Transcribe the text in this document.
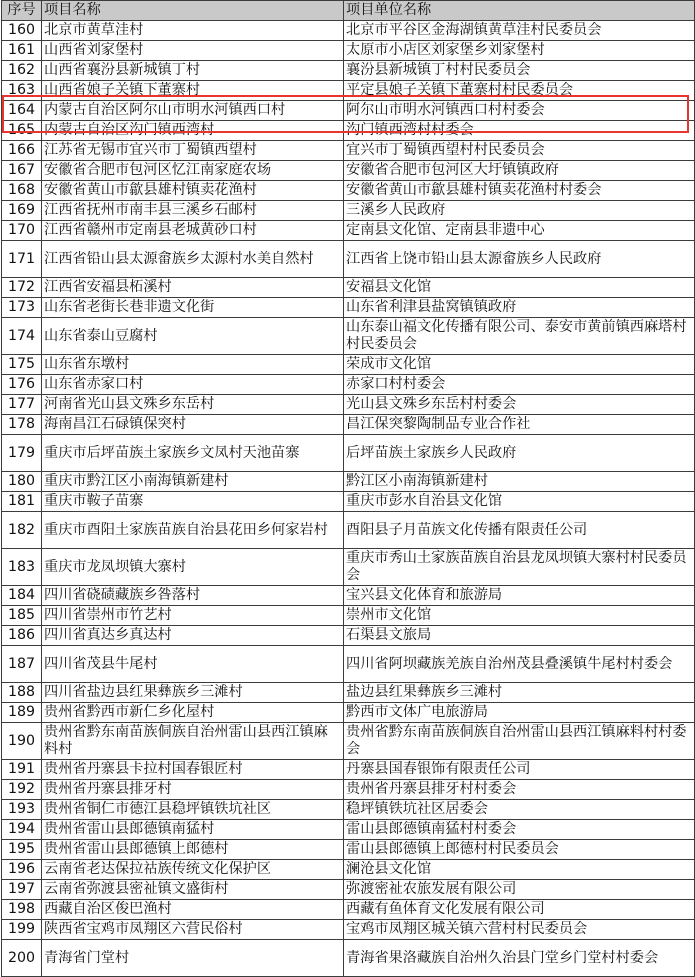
序号	项目名称	项目单位名称
160	北京市黄草洼村	北京市平谷区金海湖镇黄草洼村民委员会
161	山西省刘家堡村	太原市小店区刘家堡乡刘家堡村
162	山西省襄汾县新城镇丁村	襄汾县新城镇丁村村民委员会
163	山西省娘子关镇下董寨村	平定县娘子关镇下董寨村村民委员会
164	内蒙古自治区阿尔山市明水河镇西口村	阿尔山市明水河镇西口村村委会
165	内蒙古自治区沟门镇西湾村	沟门镇西湾村村委会
166	江苏省无锡市宜兴市丁蜀镇西望村	宜兴市丁蜀镇西望村村民委员会
167	安徽省合肥市包河区忆江南家庭农场	安徽省合肥市包河区大圩镇镇政府
168	安徽省黄山市歙县雄村镇卖花渔村	安徽省黄山市歙县雄村镇卖花渔村村委会
169	江西省抚州市南丰县三溪乡石邮村	三溪乡人民政府
170	江西省赣州市定南县老城黄砂口村	定南县文化馆、定南县非遗中心
171	江西省铅山县太源畲族乡太源村水美自然村	江西省上饶市铅山县太源畲族乡人民政府
172	江西省安福县柘溪村	安福县文化馆
173	山东省老街长巷非遗文化街	山东省利津县盐窝镇镇政府
174	山东省泰山豆腐村	山东泰山福文化传播有限公司、泰安市黄前镇西麻塔村村民委员会
175	山东省东墩村	荣成市文化馆
176	山东省赤家口村	赤家口村村委会
177	河南省光山县文殊乡东岳村	光山县文殊乡东岳村村委会
178	海南昌江石碌镇保突村	昌江保突黎陶制品专业合作社
179	重庆市后坪苗族土家族乡文凤村天池苗寨	后坪苗族土家族乡人民政府
180	重庆市黔江区小南海镇新建村	黔江区小南海镇新建村
181	重庆市鞍子苗寨	重庆市彭水自治县文化馆
182	重庆市酉阳土家族苗族自治县花田乡何家岩村	酉阳县子月苗族文化传播有限责任公司
183	重庆市龙凤坝镇大寨村	重庆市秀山土家族苗族自治县龙凤坝镇大寨村村民委员会
184	四川省硗碛藏族乡咎落村	宝兴县文化体育和旅游局
185	四川省崇州市竹艺村	崇州市文化馆
186	四川省真达乡真达村	石渠县文旅局
187	四川省茂县牛尾村	四川省阿坝藏族羌族自治州茂县叠溪镇牛尾村村委会
188	四川省盐边县红果彝族乡三滩村	盐边县红果彝族乡三滩村
189	贵州省黔西市新仁乡化屋村	黔西市文体广电旅游局
190	贵州省黔东南苗族侗族自治州雷山县西江镇麻料村	贵州省黔东南苗族侗族自治州雷山县西江镇麻料村村委会
191	贵州省丹寨县卡拉村国春银匠村	丹寨县国春银饰有限责任公司
192	贵州省丹寨县排牙村	贵州省丹寨县排牙村村委会
193	贵州省铜仁市德江县稳坪镇铁坑社区	稳坪镇铁坑社区居委会
194	贵州省雷山县郎德镇南猛村	雷山县郎德镇南猛村村委会
195	贵州省雷山县郎德镇上郎德村	雷山县郎德镇上郎德村村民委员会
196	云南省老达保拉祜族传统文化保护区	澜沧县文化馆
197	云南省弥渡县密祉镇文盛街村	弥渡密祉农旅发展有限公司
198	西藏自治区俊巴渔村	西藏有鱼体育文化发展有限公司
199	陕西省宝鸡市凤翔区六营民俗村	宝鸡市凤翔区城关镇六营村村民委员会
200	青海省门堂村	青海省果洛藏族自治州久治县门堂乡门堂村村委会
